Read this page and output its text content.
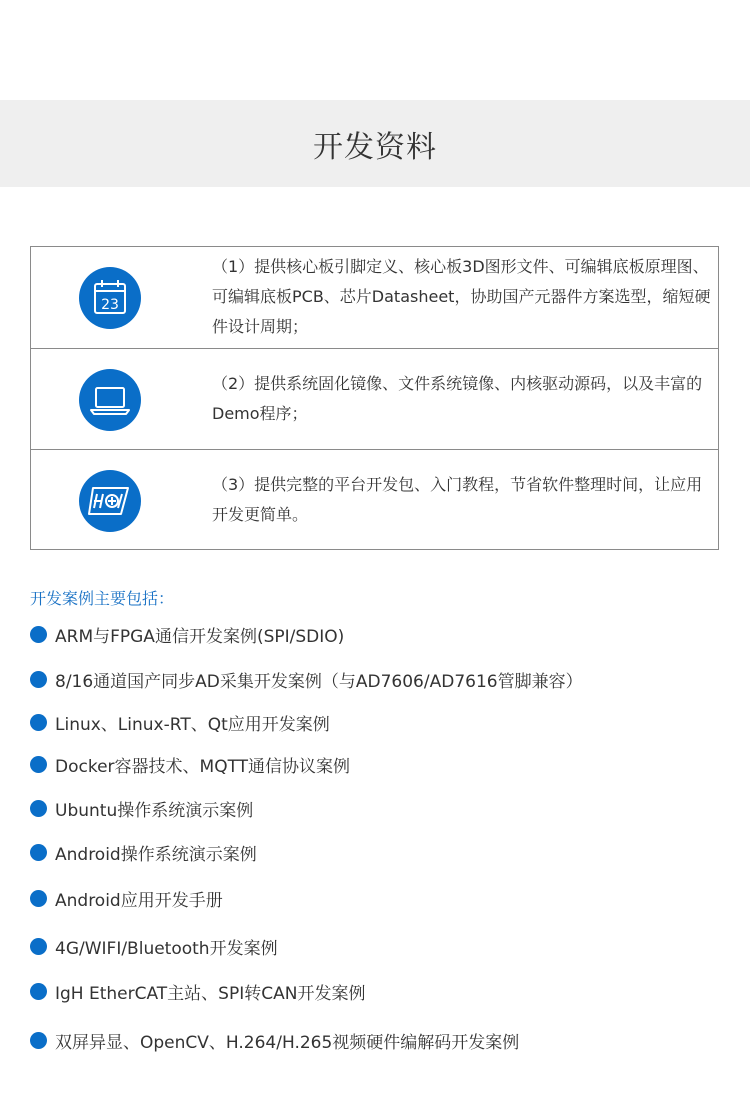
开发资料
23
（1）提供核心板引脚定义、核心板3D图形文件、可编辑底板原理图、可编辑底板PCB、芯片Datasheet，协助国产元器件方案选型，缩短硬件设计周期；
（2）提供系统固化镜像、文件系统镜像、内核驱动源码，以及丰富的Demo程序；
（3）提供完整的平台开发包、入门教程，节省软件整理时间，让应用开发更简单。
开发案例主要包括：
ARM与FPGA通信开发案例(SPI/SDIO)
8/16通道国产同步AD采集开发案例（与AD7606/AD7616管脚兼容）
Linux、Linux-RT、Qt应用开发案例
Docker容器技术、MQTT通信协议案例
Ubuntu操作系统演示案例
Android操作系统演示案例
Android应用开发手册
4G/WIFI/Bluetooth开发案例
IgH EtherCAT主站、SPI转CAN开发案例
双屏异显、OpenCV、H.264/H.265视频硬件编解码开发案例
